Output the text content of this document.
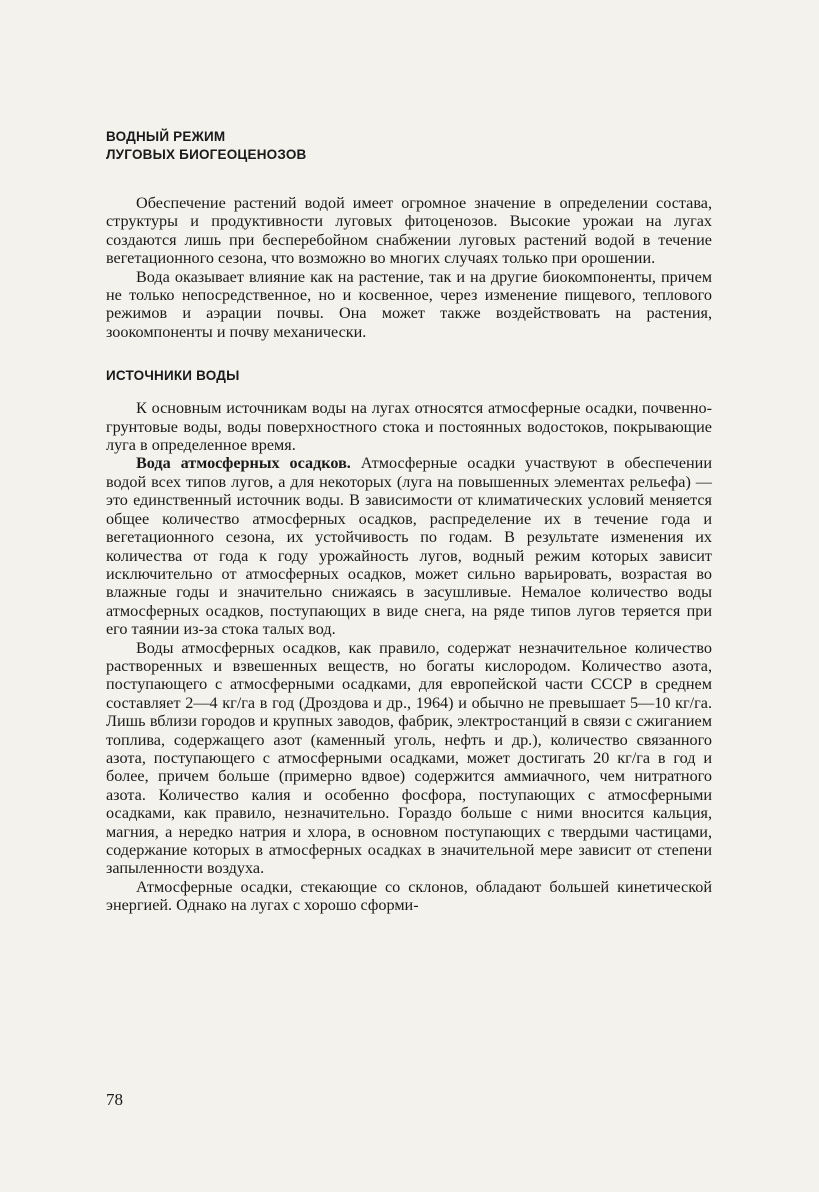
ВОДНЫЙ РЕЖИМ
ЛУГОВЫХ БИОГЕОЦЕНОЗОВ

Обеспечение растений водой имеет огромное значение в определении состава, структуры и продуктивности луговых фитоценозов. Высокие урожаи на лугах создаются лишь при бесперебойном снабжении луговых растений водой в течение вегетационного сезона, что возможно во многих случаях только при орошении.

Вода оказывает влияние как на растение, так и на другие биокомпоненты, причем не только непосредственное, но и косвенное, через изменение пищевого, теплового режимов и аэрации почвы. Она может также воздействовать на растения, зоокомпоненты и почву механически.

ИСТОЧНИКИ ВОДЫ

К основным источникам воды на лугах относятся атмосферные осадки, почвенно-грунтовые воды, воды поверхностного стока и постоянных водостоков, покрывающие луга в определенное время.

Вода атмосферных осадков. Атмосферные осадки участвуют в обеспечении водой всех типов лугов, а для некоторых (луга на повышенных элементах рельефа) — это единственный источник воды. В зависимости от климатических условий меняется общее количество атмосферных осадков, распределение их в течение года и вегетационного сезона, их устойчивость по годам. В результате изменения их количества от года к году урожайность лугов, водный режим которых зависит исключительно от атмосферных осадков, может сильно варьировать, возрастая во влажные годы и значительно снижаясь в засушливые. Немалое количество воды атмосферных осадков, поступающих в виде снега, на ряде типов лугов теряется при его таянии из-за стока талых вод.

Воды атмосферных осадков, как правило, содержат незначительное количество растворенных и взвешенных веществ, но богаты кислородом. Количество азота, поступающего с атмосферными осадками, для европейской части СССР в среднем составляет 2—4 кг/га в год (Дроздова и др., 1964) и обычно не превышает 5—10 кг/га. Лишь вблизи городов и крупных заводов, фабрик, электростанций в связи с сжиганием топлива, содержащего азот (каменный уголь, нефть и др.), количество связанного азота, поступающего с атмосферными осадками, может достигать 20 кг/га в год и более, причем больше (примерно вдвое) содержится аммиачного, чем нитратного азота. Количество калия и особенно фосфора, поступающих с атмосферными осадками, как правило, незначительно. Гораздо больше с ними вносится кальция, магния, а нередко натрия и хлора, в основном поступающих с твердыми частицами, содержание которых в атмосферных осадках в значительной мере зависит от степени запыленности воздуха.

Атмосферные осадки, стекающие со склонов, обладают большей кинетической энергией. Однако на лугах с хорошо сформи-

78
